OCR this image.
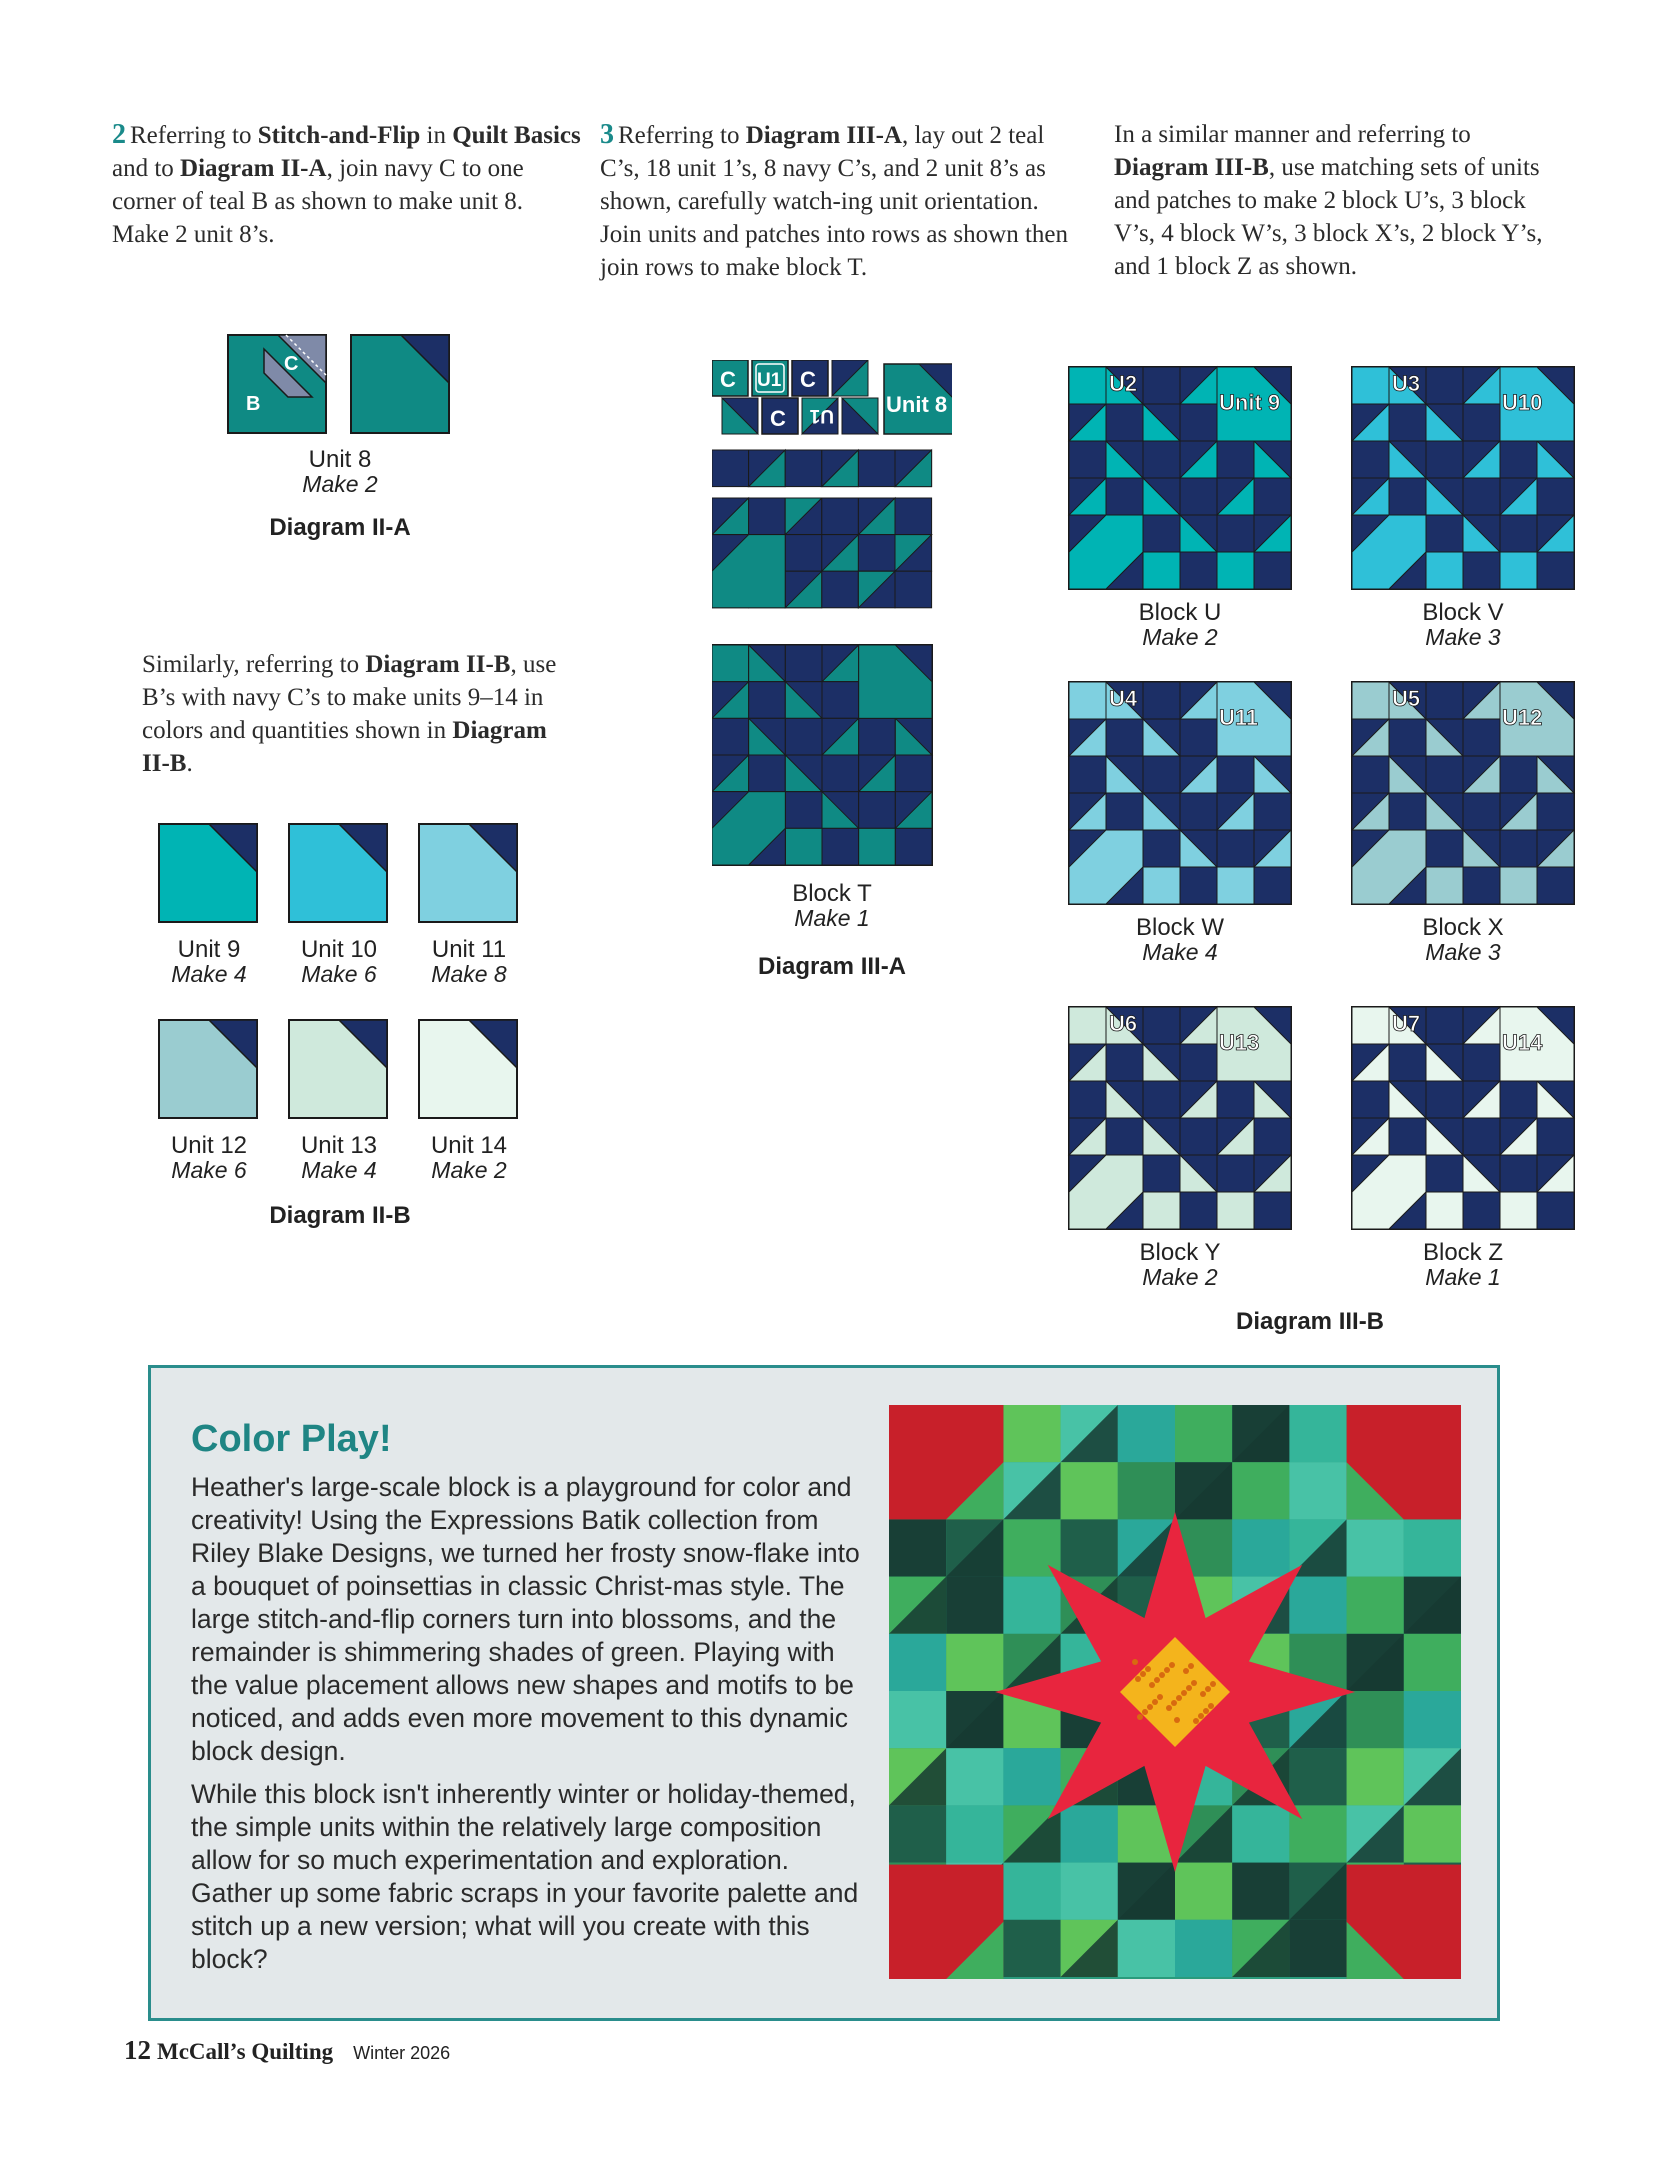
2 Referring to Stitch-and-Flip in Quilt Basics and to Diagram II-A, join navy C to one corner of teal B as shown to make unit 8. Make 2 unit 8’s.

3 Referring to Diagram III-A, lay out 2 teal C’s, 18 unit 1’s, 8 navy C’s, and 2 unit 8’s as shown, carefully watch-ing unit orientation. Join units and patches into rows as shown then join rows to make block T.

In a similar manner and referring to Diagram III-B, use matching sets of units and patches to make 2 block U’s, 3 block V’s, 4 block W’s, 3 block X’s, 2 block Y’s, and 1 block Z as shown.

C
B
Unit 8
Make 2
Diagram II-A
Similarly, referring to Diagram II-B, use B’s with navy C’s to make units 9–14 in colors and quantities shown in Diagram II-B.
Unit 9
Make 4
Unit 10
Make 6
Unit 11
Make 8
Unit 12
Make 6
Unit 13
Make 4
Unit 14
Make 2
Diagram II-B
C U1 C
C U1 Unit 8
Block T
Make 1
Diagram III-A
U2
Unit 9
Block U
Make 2
U3
U10
Block V
Make 3
U4
U11
Block W
Make 4
U5
U12
Block X
Make 3
U6
U13
Block Y
Make 2
U7
U14
Block Z
Make 1
Diagram III-B
Color Play!

Heather's large-scale block is a playground for color and creativity! Using the Expressions Batik collection from Riley Blake Designs, we turned her frosty snow-flake into a bouquet of poinsettias in classic Christ-mas style. The large stitch-and-flip corners turn into blossoms, and the remainder is shimmering shades of green. Playing with the value placement allows new shapes and motifs to be noticed, and adds even more movement to this dynamic block design.

While this block isn't inherently winter or holiday-themed, the simple units within the relatively large composition allow for so much experimentation and exploration. Gather up some fabric scraps in your favorite palette and stitch up a new version; what will you create with this block?

12 McCall’s Quilting Winter 2026
